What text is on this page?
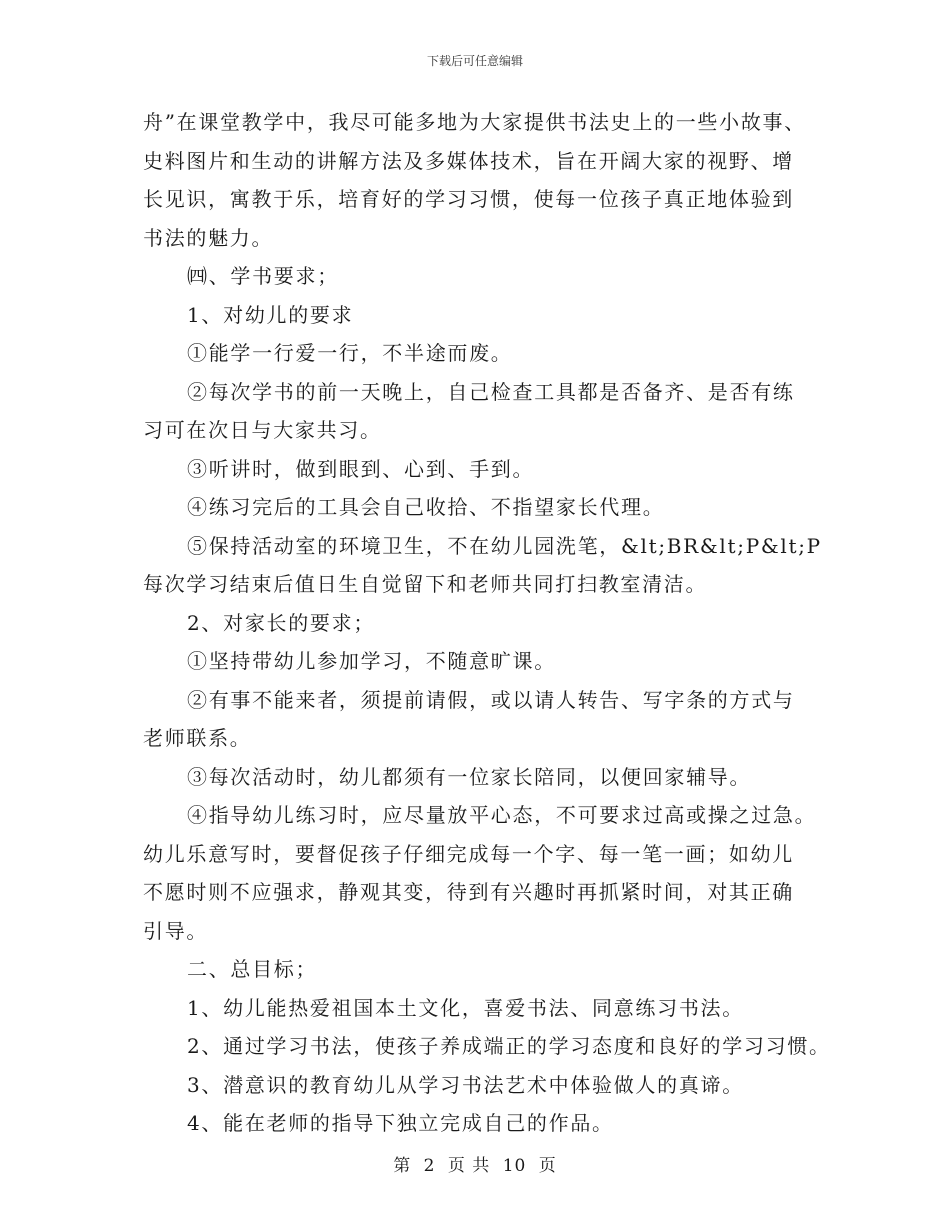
下载后可任意编辑
舟”在课堂教学中，我尽可能多地为大家提供书法史上的一些小故事、
史料图片和生动的讲解方法及多媒体技术，旨在开阔大家的视野、增
长见识，寓教于乐，培育好的学习习惯，使每一位孩子真正地体验到
书法的魅力。
㈣、学书要求；
1、对幼儿的要求
①能学一行爱一行，不半途而废。
②每次学书的前一天晚上，自己检查工具都是否备齐、是否有练
习可在次日与大家共习。
③听讲时，做到眼到、心到、手到。
④练习完后的工具会自己收拾、不指望家长代理。
⑤保持活动室的环境卫生，不在幼儿园洗笔，&lt;BR&lt;P&lt;P
每次学习结束后值日生自觉留下和老师共同打扫教室清洁。
2、对家长的要求；
①坚持带幼儿参加学习，不随意旷课。
②有事不能来者，须提前请假，或以请人转告、写字条的方式与
老师联系。
③每次活动时，幼儿都须有一位家长陪同，以便回家辅导。
④指导幼儿练习时，应尽量放平心态，不可要求过高或操之过急。
幼儿乐意写时，要督促孩子仔细完成每一个字、每一笔一画；如幼儿
不愿时则不应强求，静观其变，待到有兴趣时再抓紧时间，对其正确
引导。
二、总目标；
1、幼儿能热爱祖国本土文化，喜爱书法、同意练习书法。
2、通过学习书法，使孩子养成端正的学习态度和良好的学习习惯。
3、潜意识的教育幼儿从学习书法艺术中体验做人的真谛。
4、能在老师的指导下独立完成自己的作品。
第 2 页 共 10 页
